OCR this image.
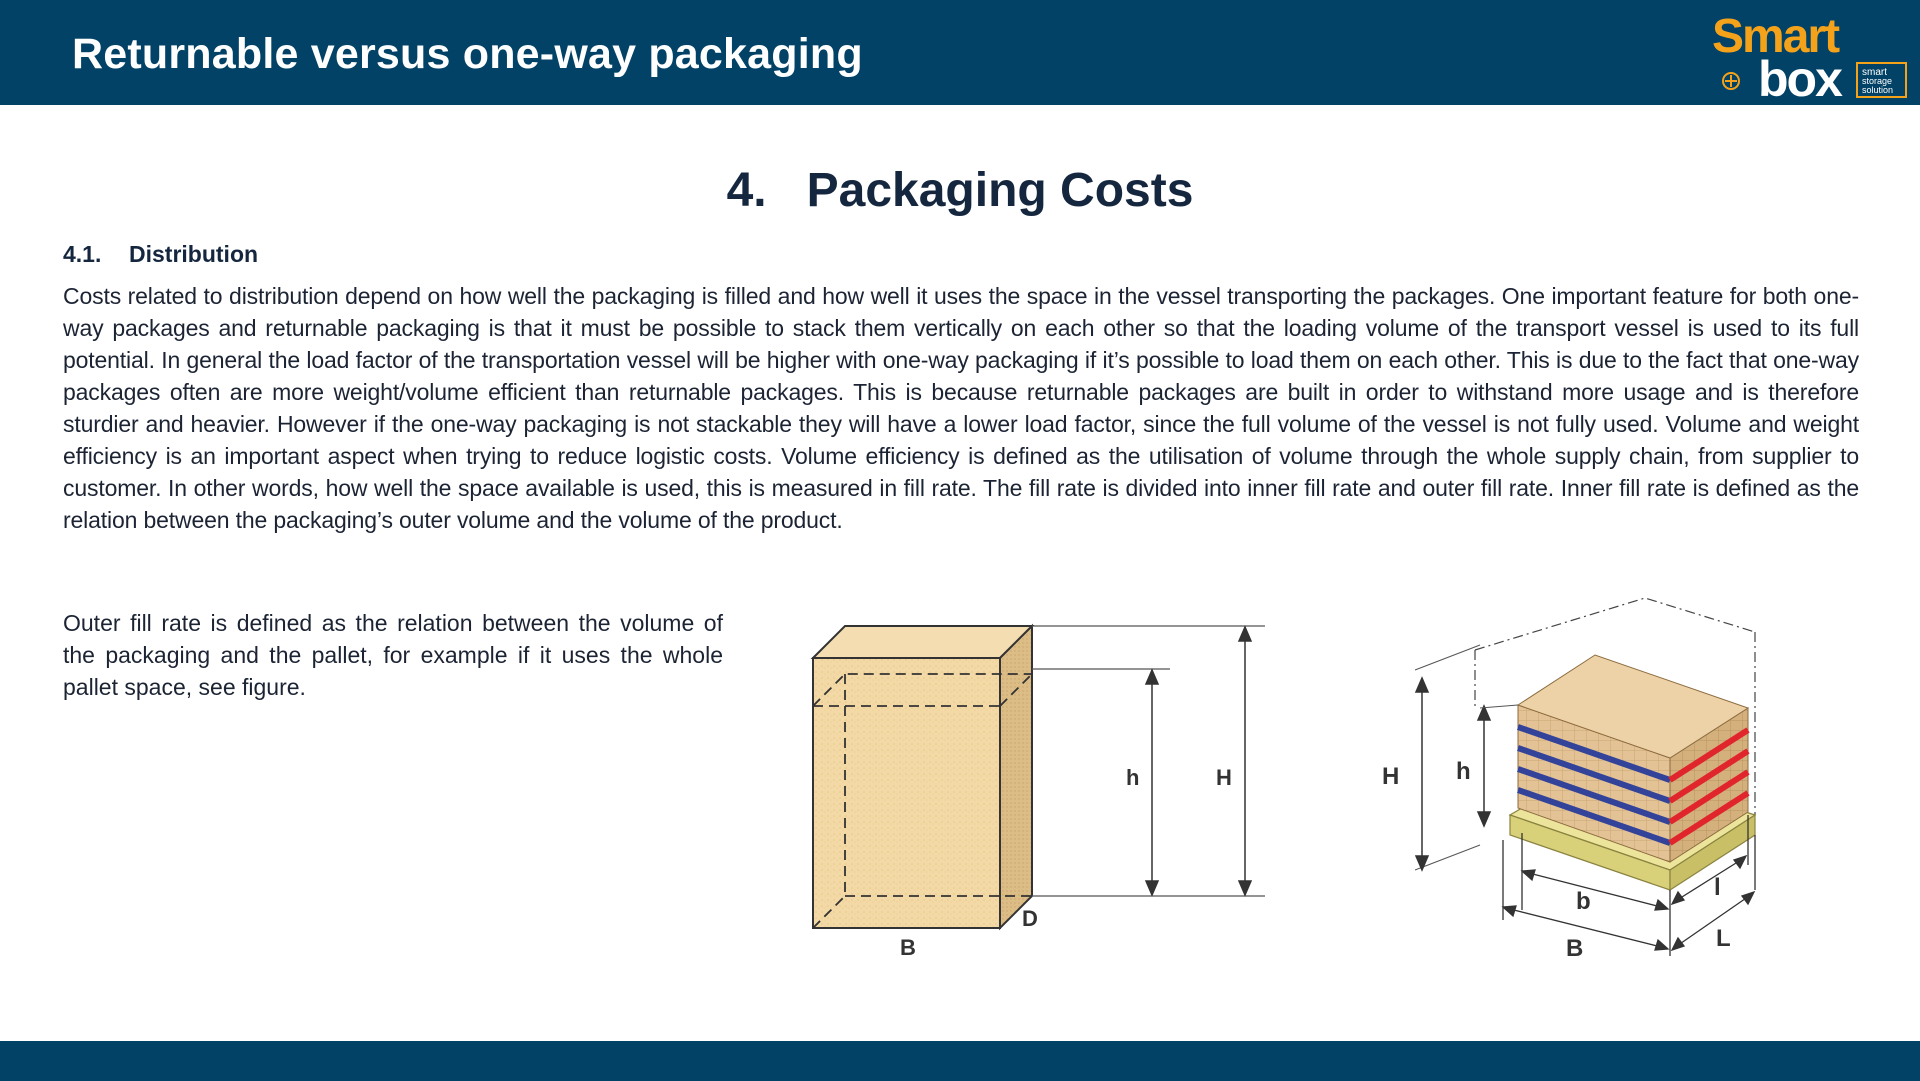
Returnable versus one-way packaging	Smart
box smart
storage
solution
4. Packaging Costs
4.1. Distribution

Costs related to distribution depend on how well the packaging is filled and how well it uses the space in the vessel transporting the packages. One important feature for both one-way packages and returnable packaging is that it must be possible to stack them vertically on each other so that the loading volume of the transport vessel is used to its full potential. In general the load factor of the transportation vessel will be higher with one-way packaging if it’s possible to load them on each other. This is due to the fact that one-way packages often are more weight/volume efficient than returnable packages. This is because returnable packages are built in order to withstand more usage and is therefore sturdier and heavier. However if the one-way packaging is not stackable they will have a lower load factor, since the full volume of the vessel is not fully used. Volume and weight efficiency is an important aspect when trying to reduce logistic costs. Volume efficiency is defined as the utilisation of volume through the whole supply chain, from supplier to customer. In other words, how well the space available is used, this is measured in fill rate. The fill rate is divided into inner fill rate and outer fill rate. Inner fill rate is defined as the relation between the packaging’s outer volume and the volume of the product.

Outer fill rate is defined as the relation between the volume of the packaging and the pallet, for example if it uses the whole pallet space, see figure.

h	H
B
D
H h
b
l
B	L
